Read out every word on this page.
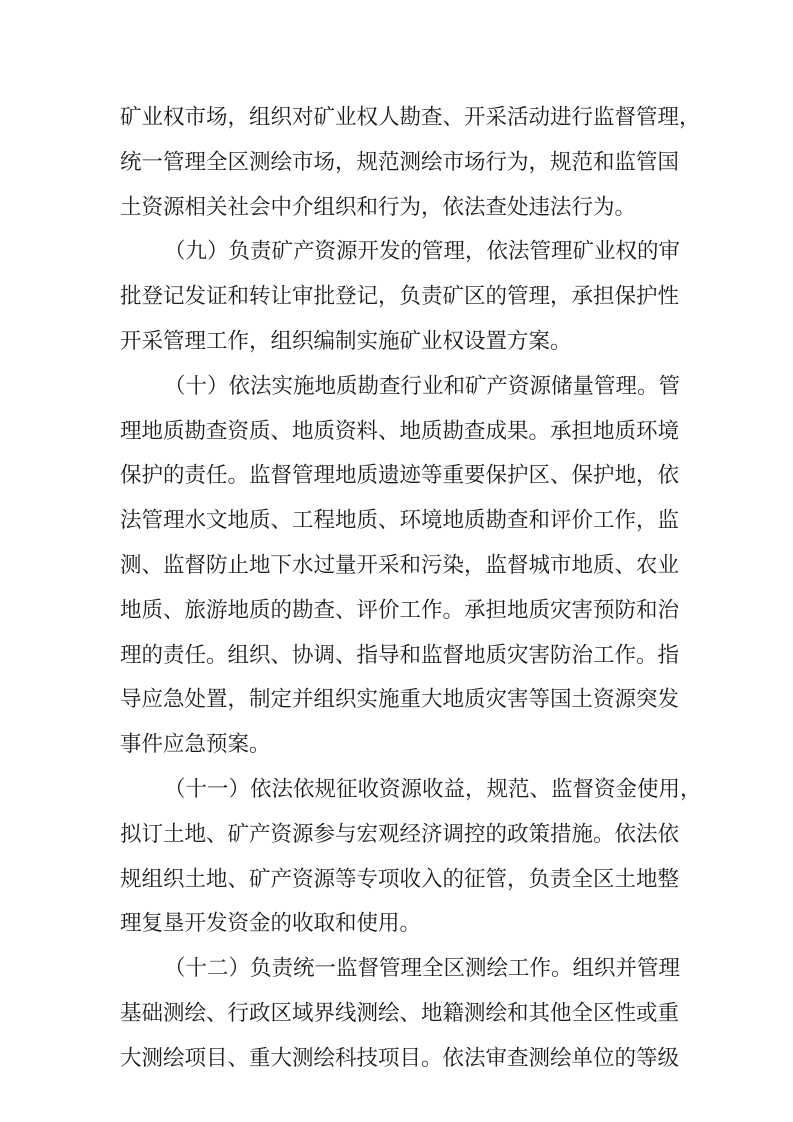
矿业权市场，组织对矿业权人勘查、开采活动进行监督管理，
统一管理全区测绘市场，规范测绘市场行为，规范和监管国
土资源相关社会中介组织和行为，依法查处违法行为。
（九）负责矿产资源开发的管理，依法管理矿业权的审
批登记发证和转让审批登记，负责矿区的管理，承担保护性
开采管理工作，组织编制实施矿业权设置方案。
（十）依法实施地质勘查行业和矿产资源储量管理。管
理地质勘查资质、地质资料、地质勘查成果。承担地质环境
保护的责任。监督管理地质遗迹等重要保护区、保护地，依
法管理水文地质、工程地质、环境地质勘查和评价工作，监
测、监督防止地下水过量开采和污染，监督城市地质、农业
地质、旅游地质的勘查、评价工作。承担地质灾害预防和治
理的责任。组织、协调、指导和监督地质灾害防治工作。指
导应急处置，制定并组织实施重大地质灾害等国土资源突发
事件应急预案。
（十一）依法依规征收资源收益，规范、监督资金使用，
拟订土地、矿产资源参与宏观经济调控的政策措施。依法依
规组织土地、矿产资源等专项收入的征管，负责全区土地整
理复垦开发资金的收取和使用。
（十二）负责统一监督管理全区测绘工作。组织并管理
基础测绘、行政区域界线测绘、地籍测绘和其他全区性或重
大测绘项目、重大测绘科技项目。依法审查测绘单位的等级
